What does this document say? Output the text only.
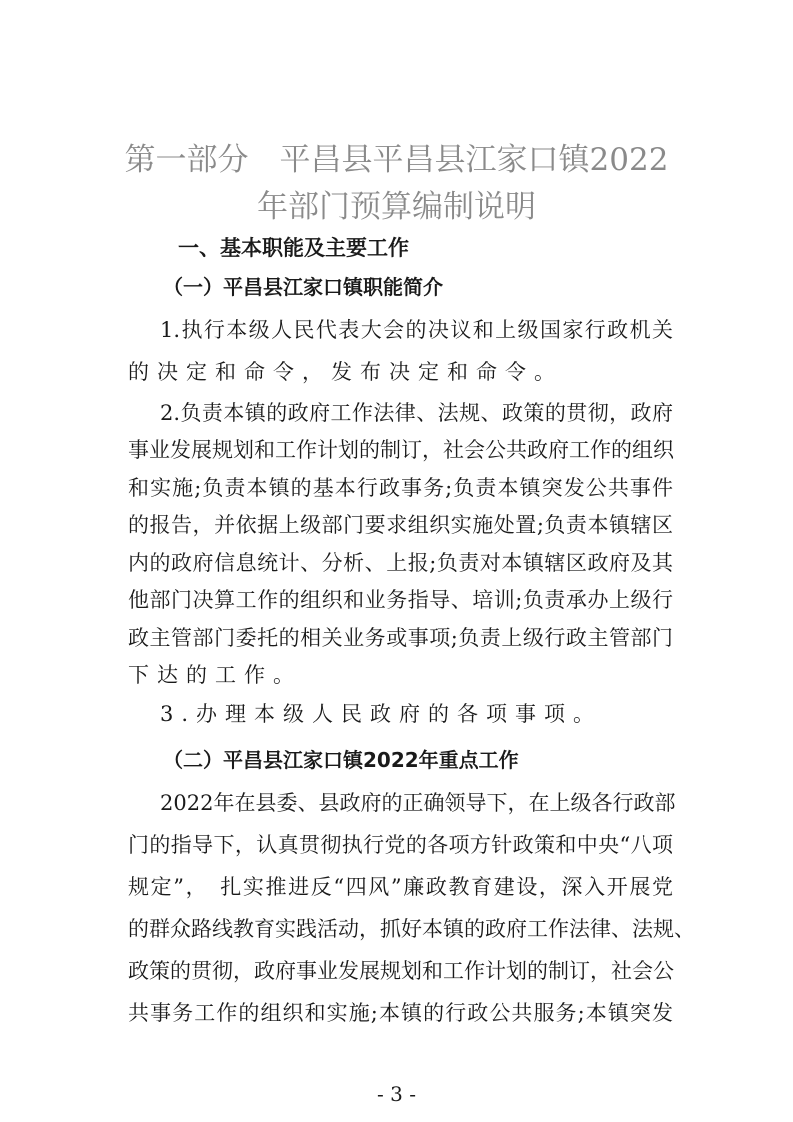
第一部分　平昌县平昌县江家口镇2022
年部门预算编制说明
一、基本职能及主要工作
（一）平昌县江家口镇职能简介
1.执行本级人民代表大会的决议和上级国家行政机关
的决定和命令，发布决定和命令。
2.负责本镇的政府工作法律、法规、政策的贯彻，政府
事业发展规划和工作计划的制订，社会公共政府工作的组织
和实施;负责本镇的基本行政事务;负责本镇突发公共事件
的报告，并依据上级部门要求组织实施处置;负责本镇辖区
内的政府信息统计、分析、上报;负责对本镇辖区政府及其
他部门决算工作的组织和业务指导、培训;负责承办上级行
政主管部门委托的相关业务或事项;负责上级行政主管部门
下达的工作。
3.办理本级人民政府的各项事项。
（二）平昌县江家口镇2022年重点工作
2022年在县委、县政府的正确领导下，在上级各行政部
门的指导下，认真贯彻执行党的各项方针政策和中央“八项
规定”，　扎实推进反“四风”廉政教育建设，深入开展党
的群众路线教育实践活动，抓好本镇的政府工作法律、法规、
政策的贯彻，政府事业发展规划和工作计划的制订，社会公
共事务工作的组织和实施;本镇的行政公共服务;本镇突发
- 3 -
